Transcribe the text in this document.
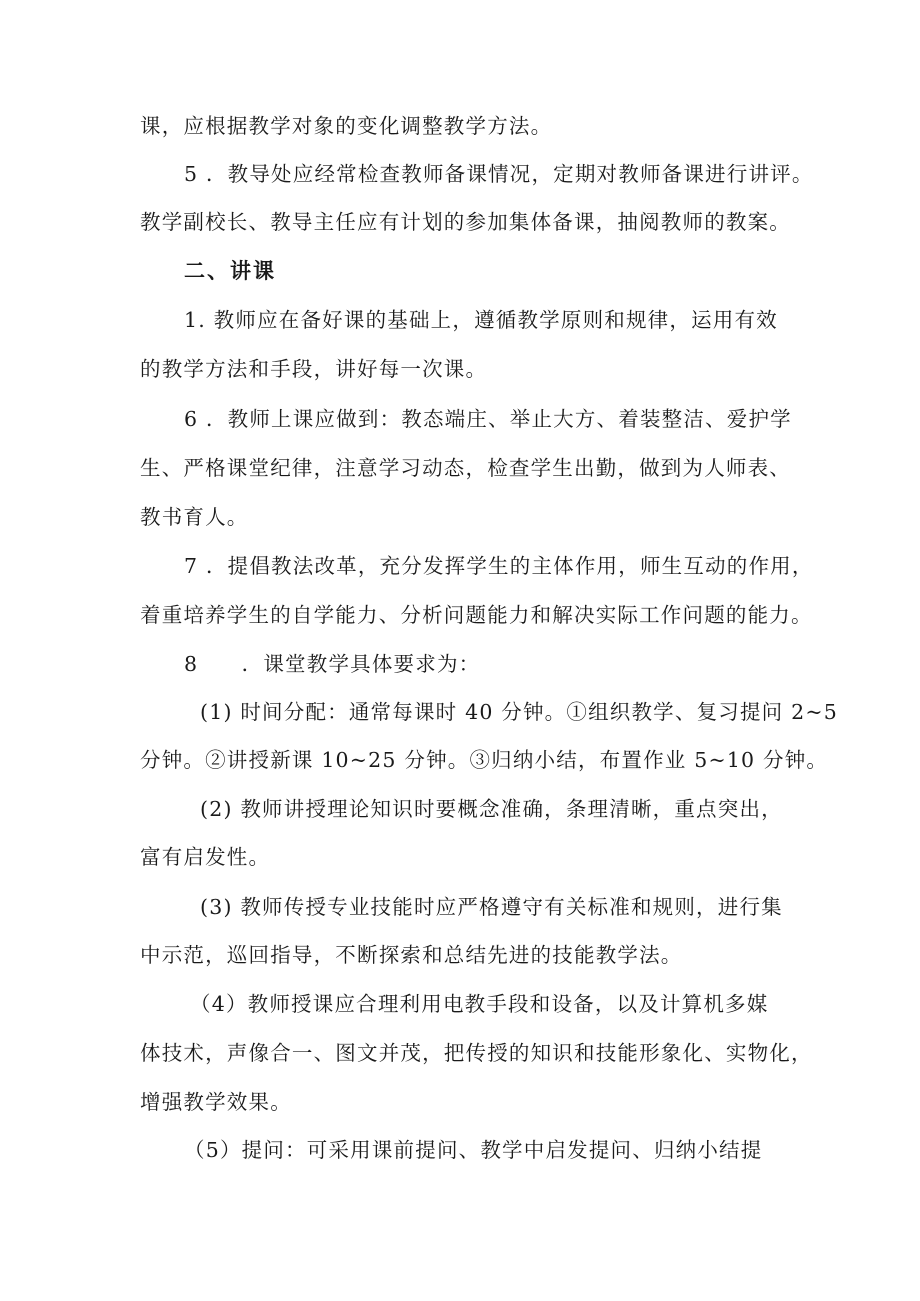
课，应根据教学对象的变化调整教学方法。
5 ．教导处应经常检查教师备课情况，定期对教师备课进行讲评。
教学副校长、教导主任应有计划的参加集体备课，抽阅教师的教案。
二、讲课
1. 教师应在备好课的基础上，遵循教学原则和规律，运用有效
的教学方法和手段，讲好每一次课。
6 ．教师上课应做到：教态端庄、举止大方、着装整洁、爱护学
生、严格课堂纪律，注意学习动态，检查学生出勤，做到为人师表、
教书育人。
7 ．提倡教法改革，充分发挥学生的主体作用，师生互动的作用，
着重培养学生的自学能力、分析问题能力和解决实际工作问题的能力。
8　　．课堂教学具体要求为：
(1) 时间分配：通常每课时 40 分钟。①组织教学、复习提问 2~5
分钟。②讲授新课 10~25 分钟。③归纳小结，布置作业 5~10 分钟。
(2) 教师讲授理论知识时要概念准确，条理清晰，重点突出，
富有启发性。
(3) 教师传授专业技能时应严格遵守有关标准和规则，进行集
中示范，巡回指导，不断探索和总结先进的技能教学法。
（4）教师授课应合理利用电教手段和设备，以及计算机多媒
体技术，声像合一、图文并茂，把传授的知识和技能形象化、实物化，
增强教学效果。
（5）提问：可采用课前提问、教学中启发提问、归纳小结提
